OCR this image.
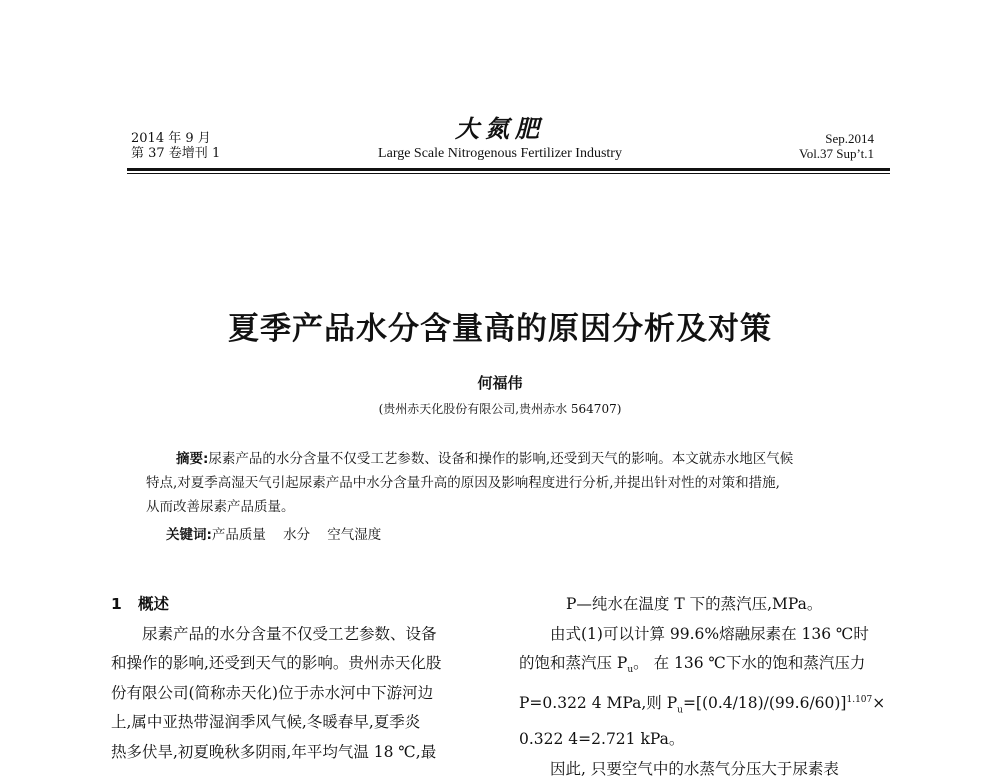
2014 年 9 月
第 37 卷增刊 1
大氮肥
Large Scale Nitrogenous Fertilizer Industry
Sep.2014
Vol.37 Sup’t.1
夏季产品水分含量高的原因分析及对策
何福伟
(贵州赤天化股份有限公司,贵州赤水 564707)
摘要:尿素产品的水分含量不仅受工艺参数、设备和操作的影响,还受到天气的影响。本文就赤水地区气候
特点,对夏季高湿天气引起尿素产品中水分含量升高的原因及影响程度进行分析,并提出针对性的对策和措施,
从而改善尿素产品质量。
关键词:产品质量    水分    空气湿度
1   概述
尿素产品的水分含量不仅受工艺参数、设备
和操作的影响,还受到天气的影响。贵州赤天化股
份有限公司(简称赤天化)位于赤水河中下游河边
上,属中亚热带湿润季风气候,冬暖春早,夏季炎
热多伏旱,初夏晚秋多阴雨,年平均气温 18 ℃,最
P—纯水在温度 T 下的蒸汽压,MPa。
由式(1)可以计算 99.6%熔融尿素在 136 ℃时
的饱和蒸汽压 $P_u$。 在 136 ℃下水的饱和蒸汽压力
P=0.322 4 MPa,则 $P_u=[(0.4/18)/(99.6/60)]^{1.107}\times$
0.322 4=2.721 kPa。
因此, 只要空气中的水蒸气分压大于尿素表
